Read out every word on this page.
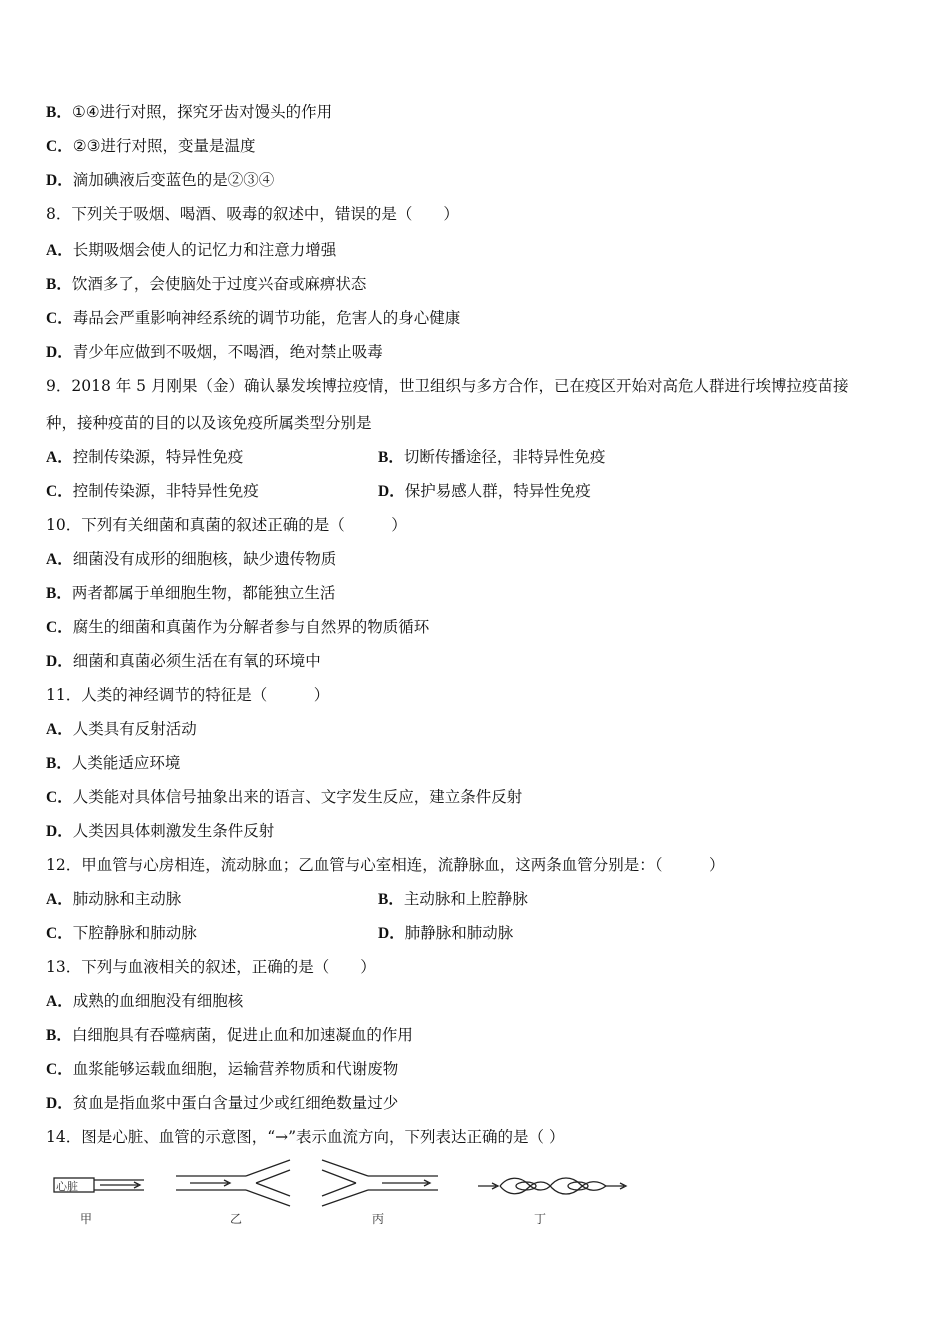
B．①④进行对照，探究牙齿对馒头的作用
C．②③进行对照，变量是温度
D．滴加碘液后变蓝色的是②③④
8．下列关于吸烟、喝酒、吸毒的叙述中，错误的是（　　）
A．长期吸烟会使人的记忆力和注意力增强
B．饮酒多了，会使脑处于过度兴奋或麻痹状态
C．毒品会严重影响神经系统的调节功能，危害人的身心健康
D．青少年应做到不吸烟，不喝酒，绝对禁止吸毒
9．2018 年 5 月刚果（金）确认暴发埃博拉疫情，世卫组织与多方合作，已在疫区开始对高危人群进行埃博拉疫苗接
种，接种疫苗的目的以及该免疫所属类型分别是
A．控制传染源，特异性免疫	B．切断传播途径，非特异性免疫
C．控制传染源，非特异性免疫	D．保护易感人群，特异性免疫
10．下列有关细菌和真菌的叙述正确的是（　　　）
A．细菌没有成形的细胞核，缺少遗传物质
B．两者都属于单细胞生物，都能独立生活
C．腐生的细菌和真菌作为分解者参与自然界的物质循环
D．细菌和真菌必须生活在有氧的环境中
11．人类的神经调节的特征是（　　　）
A．人类具有反射活动
B．人类能适应环境
C．人类能对具体信号抽象出来的语言、文字发生反应，建立条件反射
D．人类因具体刺激发生条件反射
12．甲血管与心房相连，流动脉血；乙血管与心室相连，流静脉血，这两条血管分别是：（　　　）
A．肺动脉和主动脉	B．主动脉和上腔静脉
C．下腔静脉和肺动脉	D．肺静脉和肺动脉
13．下列与血液相关的叙述，正确的是（　　）
A．成熟的血细胞没有细胞核
B．白细胞具有吞噬病菌，促进止血和加速凝血的作用
C．血浆能够运载血细胞，运输营养物质和代谢废物
D．贫血是指血浆中蛋白含量过少或红细绝数量过少
14．图是心脏、血管的示意图，“→”表示血流方向，下列表达正确的是（ ）
心脏
甲	乙	丙	丁
